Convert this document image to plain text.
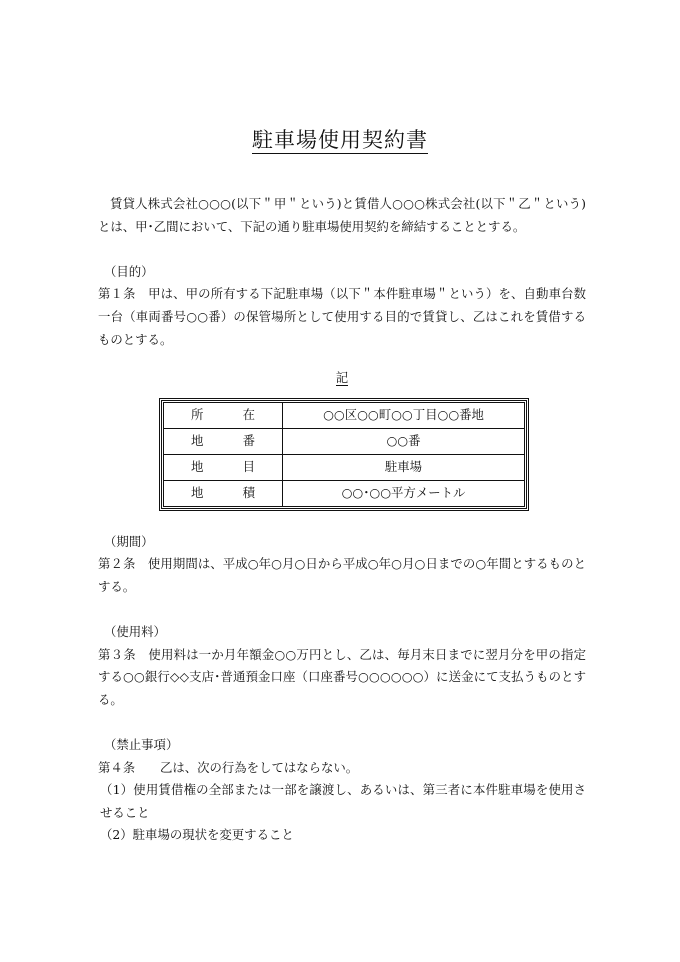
駐車場使用契約書

賃貸人株式会社○○○(以下＂甲＂という)と賃借人○○○株式会社(以下＂乙＂という)とは、甲･乙間において、下記の通り駐車場使用契約を締結することとする。

（目的）

第１条　甲は、甲の所有する下記駐車場（以下＂本件駐車場＂という）を、自動車台数一台（車両番号○○番）の保管場所として使用する目的で賃貸し、乙はこれを賃借するものとする。

記

所　在	○○区○○町○○丁目○○番地
地　番	○○番
地　目	駐車場
地　積	○○･○○平方メートル

（期間）

第２条　使用期間は、平成○年○月○日から平成○年○月○日までの○年間とするものとする。

（使用料）

第３条　使用料は一か月年額金○○万円とし、乙は、毎月末日までに翌月分を甲の指定する○○銀行◇◇支店･普通預金口座（口座番号○○○○○○）に送金にて支払うものとする。

（禁止事項）

第４条　　乙は、次の行為をしてはならない。

（1）使用賃借権の全部または一部を譲渡し、あるいは、第三者に本件駐車場を使用させること

（2）駐車場の現状を変更すること
